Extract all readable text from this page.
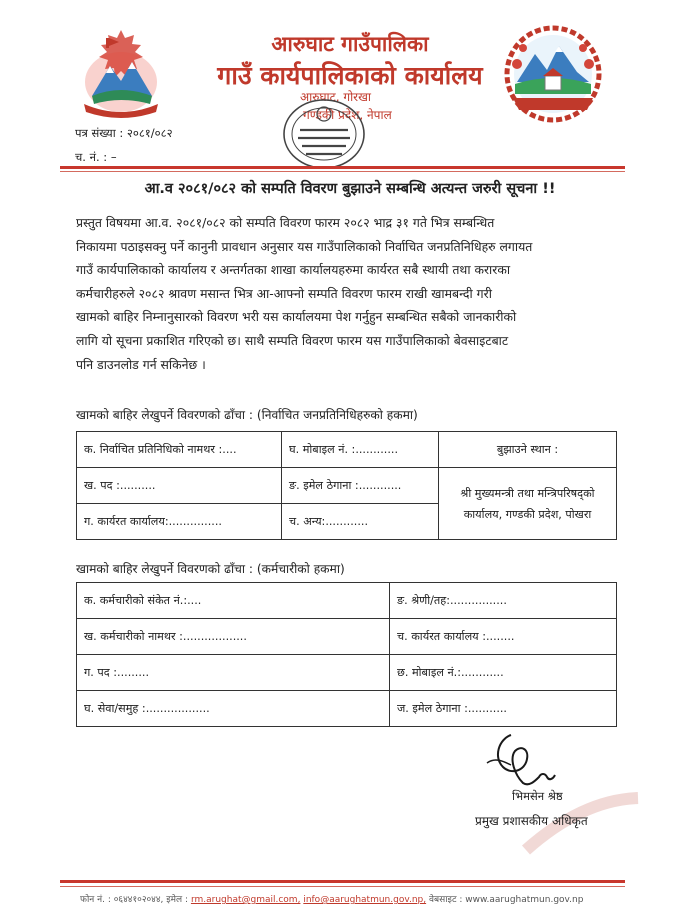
आरुघाट गाउँपालिका
गाउँ कार्यपालिकाको कार्यालय
आरुघाट, गोरखा
गण्डकी प्रदेश, नेपाल
पत्र संख्या : २०८१/०८२
च. नं. : –
आ.व २०८१/०८२ को सम्पति विवरण बुझाउने सम्बन्धि अत्यन्त जरुरी सूचना !!
प्रस्तुत विषयमा आ.व. २०८१/०८२ को सम्पति विवरण फारम २०८२ भाद्र ३१ गते भित्र सम्बन्धित
निकायमा पठाइसक्नु पर्ने कानुनी प्रावधान अनुसार यस गाउँपालिकाको निर्वाचित जनप्रतिनिधिहरु लगायत
गाउँ कार्यपालिकाको कार्यालय र अन्तर्गतका शाखा कार्यालयहरुमा कार्यरत सबै स्थायी तथा करारका
कर्मचारीहरुले २०८२ श्रावण मसान्त भित्र आ-आफ्नो सम्पति विवरण फारम राखी खामबन्दी गरी
खामको बाहिर निम्नानुसारको विवरण भरी यस कार्यालयमा पेश गर्नुहुन सम्बन्धित सबैको जानकारीको
लागि यो सूचना प्रकाशित गरिएको छ। साथै सम्पति विवरण फारम यस गाउँपालिकाको बेवसाइटबाट
पनि डाउनलोड गर्न सकिनेछ ।
खामको बाहिर लेखुपर्ने विवरणको ढाँचा : (निर्वाचित जनप्रतिनिधिहरुको हकमा)
क. निर्वाचित प्रतिनिधिको नामथर :....	घ. मोबाइल नं. :............	बुझाउने स्थान :
ख. पद :..........	ङ. इमेल ठेगाना :............	श्री मुख्यमन्त्री तथा मन्त्रिपरिषद्को
कार्यालय, गण्डकी प्रदेश, पोखरा

ग. कार्यरत कार्यालय:...............	च. अन्य:............	
खामको बाहिर लेखुपर्ने विवरणको ढाँचा : (कर्मचारीको हकमा)
क. कर्मचारीको संकेत नं.:....	ङ. श्रेणी/तह:................
ख. कर्मचारीको नामथर :..................	च. कार्यरत कार्यालय :........
ग. पद :.........	छ. मोबाइल नं.:............
घ. सेवा/समुह :..................	ज. इमेल ठेगाना :...........
भिमसेन श्रेष्ठ
प्रमुख प्रशासकीय अधिकृत
फोन नं. : ०६४४१०२०४४, इमेल : rm.arughat@gmail.com, info@aarughatmun.gov.np, वेबसाइट : www.aarughatmun.gov.np
